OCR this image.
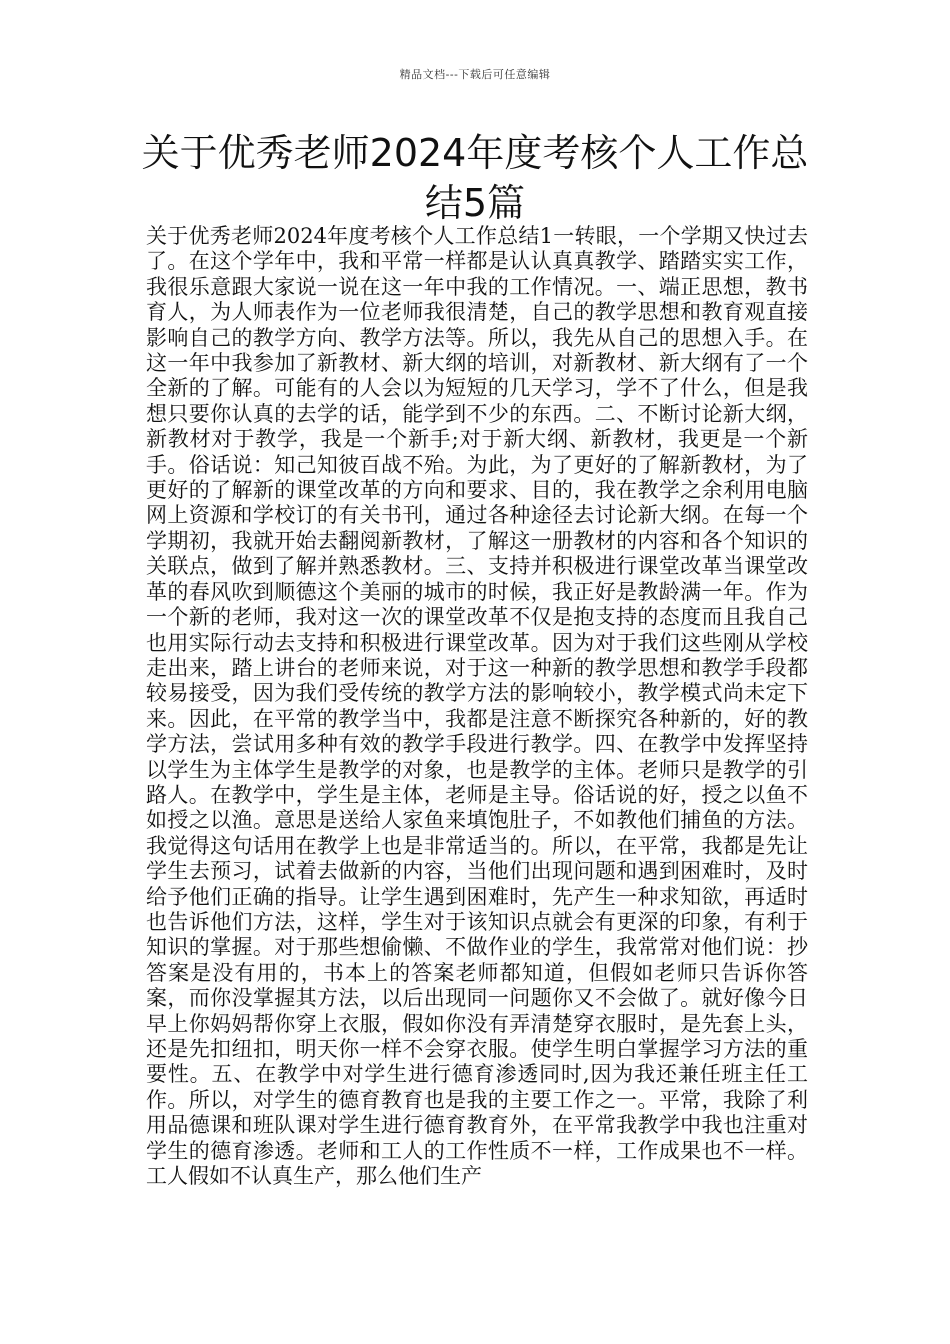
精品文档---下载后可任意编辑
关于优秀老师2024年度考核个人工作总结5篇

关于优秀老师2024年度考核个人工作总结1一转眼，一个学期又快过去了。在这个学年中，我和平常一样都是认认真真教学、踏踏实实工作，我很乐意跟大家说一说在这一年中我的工作情况。一、端正思想，教书育人，为人师表作为一位老师我很清楚，自己的教学思想和教育观直接影响自己的教学方向、教学方法等。所以，我先从自己的思想入手。在这一年中我参加了新教材、新大纲的培训，对新教材、新大纲有了一个全新的了解。可能有的人会以为短短的几天学习，学不了什么，但是我想只要你认真的去学的话，能学到不少的东西。二、不断讨论新大纲，新教材对于教学，我是一个新手;对于新大纲、新教材，我更是一个新手。俗话说：知己知彼百战不殆。为此，为了更好的了解新教材，为了更好的了解新的课堂改革的方向和要求、目的，我在教学之余利用电脑网上资源和学校订的有关书刊，通过各种途径去讨论新大纲。在每一个学期初，我就开始去翻阅新教材，了解这一册教材的内容和各个知识的关联点，做到了解并熟悉教材。三、支持并积极进行课堂改革当课堂改革的春风吹到顺德这个美丽的城市的时候，我正好是教龄满一年。作为一个新的老师，我对这一次的课堂改革不仅是抱支持的态度而且我自己也用实际行动去支持和积极进行课堂改革。因为对于我们这些刚从学校走出来，踏上讲台的老师来说，对于这一种新的教学思想和教学手段都较易接受，因为我们受传统的教学方法的影响较小，教学模式尚未定下来。因此，在平常的教学当中，我都是注意不断探究各种新的，好的教学方法，尝试用多种有效的教学手段进行教学。四、在教学中发挥坚持以学生为主体学生是教学的对象，也是教学的主体。老师只是教学的引路人。在教学中，学生是主体，老师是主导。俗话说的好，授之以鱼不如授之以渔。意思是送给人家鱼来填饱肚子，不如教他们捕鱼的方法。我觉得这句话用在教学上也是非常适当的。所以，在平常，我都是先让学生去预习，试着去做新的内容，当他们出现问题和遇到困难时，及时给予他们正确的指导。让学生遇到困难时，先产生一种求知欲，再适时也告诉他们方法，这样，学生对于该知识点就会有更深的印象，有利于知识的掌握。对于那些想偷懒、不做作业的学生，我常常对他们说：抄答案是没有用的，书本上的答案老师都知道，但假如老师只告诉你答案，而你没掌握其方法，以后出现同一问题你又不会做了。就好像今日早上你妈妈帮你穿上衣服，假如你没有弄清楚穿衣服时，是先套上头，还是先扣纽扣，明天你一样不会穿衣服。使学生明白掌握学习方法的重要性。五、在教学中对学生进行德育渗透同时,因为我还兼任班主任工作。所以，对学生的德育教育也是我的主要工作之一。平常，我除了利用品德课和班队课对学生进行德育教育外，在平常我教学中我也注重对学生的德育渗透。老师和工人的工作性质不一样，工作成果也不一样。工人假如不认真生产，那么他们生产
